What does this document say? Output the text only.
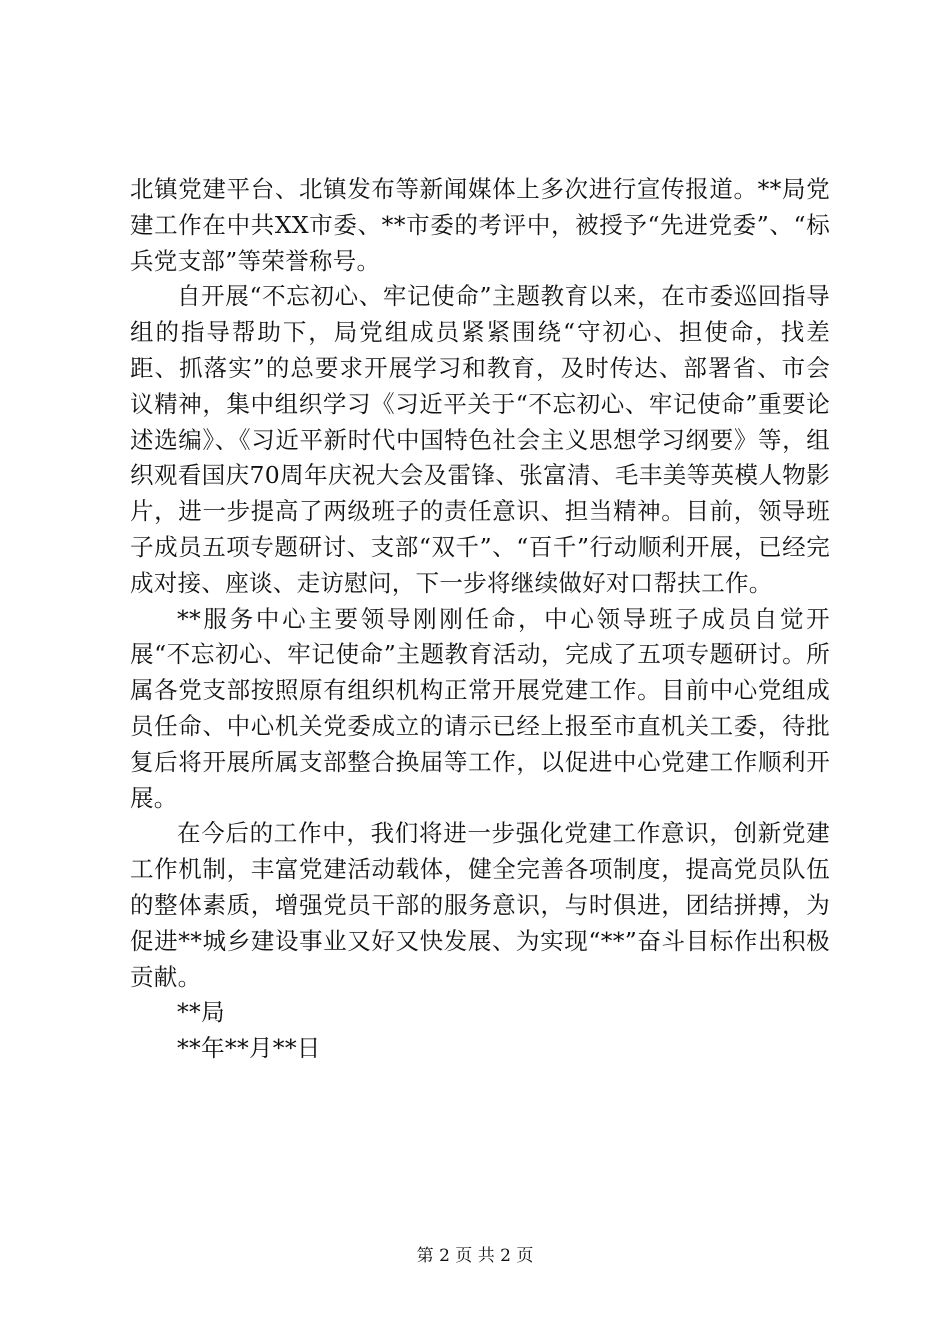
北镇党建平台、北镇发布等新闻媒体上多次进行宣传报道。**局党建工作在中共XX市委、**市委的考评中，被授予“先进党委”、“标兵党支部”等荣誉称号。

自开展“不忘初心、牢记使命”主题教育以来，在市委巡回指导组的指导帮助下，局党组成员紧紧围绕“守初心、担使命，找差距、抓落实”的总要求开展学习和教育，及时传达、部署省、市会议精神，集中组织学习《习近平关于“不忘初心、牢记使命”重要论述选编》、《习近平新时代中国特色社会主义思想学习纲要》等，组织观看国庆70周年庆祝大会及雷锋、张富清、毛丰美等英模人物影片，进一步提高了两级班子的责任意识、担当精神。目前，领导班子成员五项专题研讨、支部“双千”、“百千”行动顺利开展，已经完成对接、座谈、走访慰问，下一步将继续做好对口帮扶工作。

**服务中心主要领导刚刚任命，中心领导班子成员自觉开展“不忘初心、牢记使命”主题教育活动，完成了五项专题研讨。所属各党支部按照原有组织机构正常开展党建工作。目前中心党组成员任命、中心机关党委成立的请示已经上报至市直机关工委，待批复后将开展所属支部整合换届等工作，以促进中心党建工作顺利开展。

在今后的工作中，我们将进一步强化党建工作意识，创新党建工作机制，丰富党建活动载体，健全完善各项制度，提高党员队伍的整体素质，增强党员干部的服务意识，与时俱进，团结拼搏，为促进**城乡建设事业又好又快发展、为实现“**”奋斗目标作出积极贡献。

**局

**年**月**日

第 2 页 共 2 页
